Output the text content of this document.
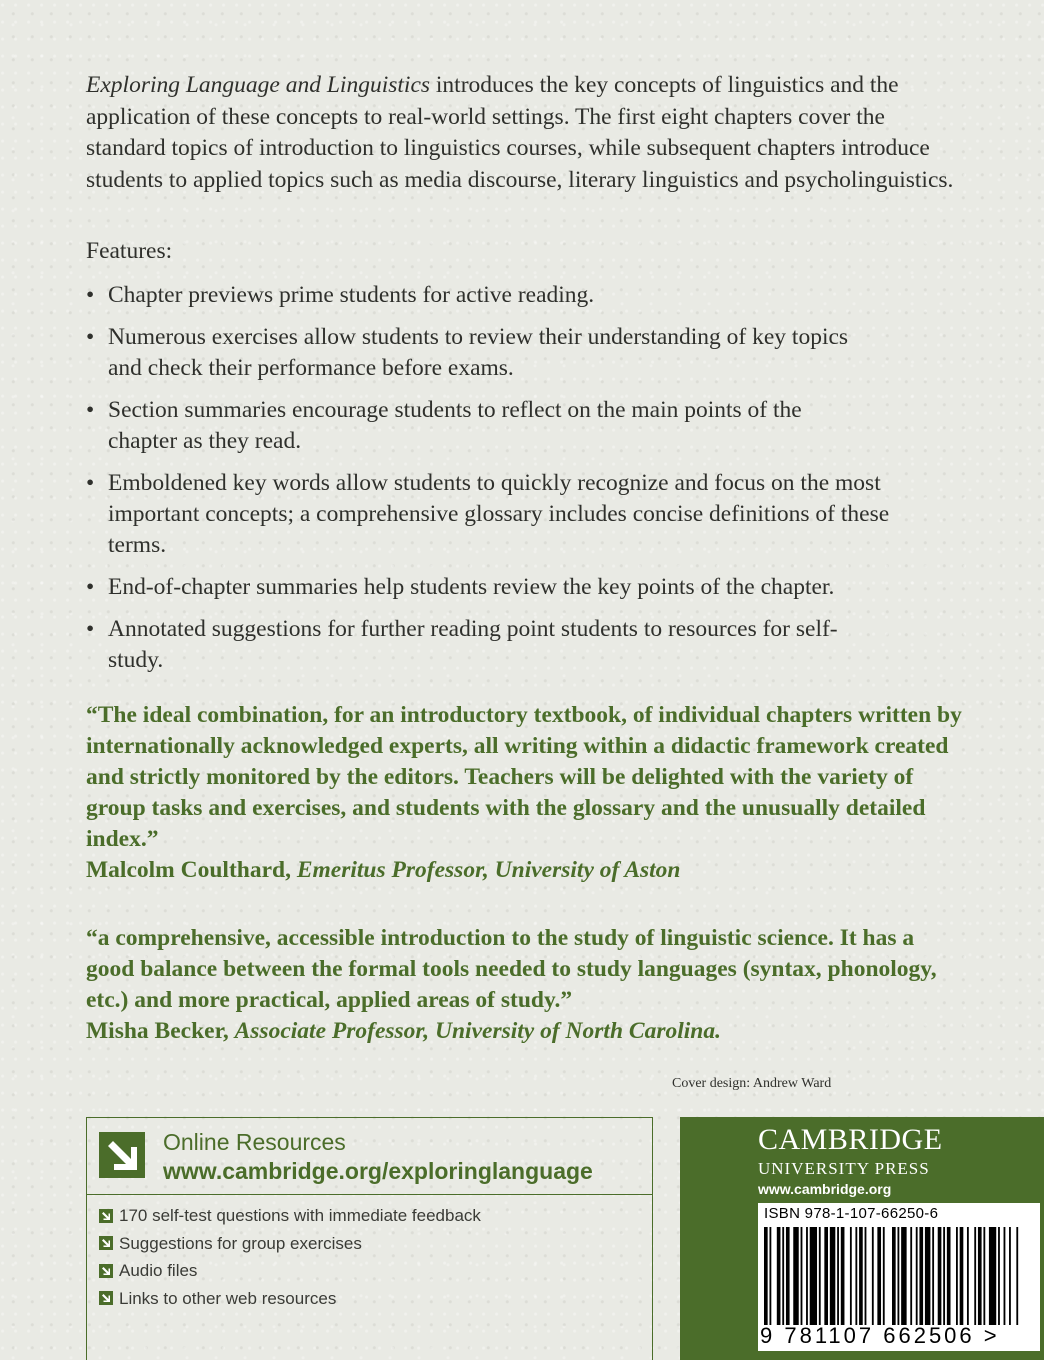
Exploring Language and Linguistics introduces the key concepts of linguistics and the application of these concepts to real-world settings. The first eight chapters cover the standard topics of introduction to linguistics courses, while subsequent chapters introduce students to applied topics such as media discourse, literary linguistics and psycholinguistics.

Features:

• Chapter previews prime students for active reading.
• Numerous exercises allow students to review their understanding of key topics and check their performance before exams.
• Section summaries encourage students to reflect on the main points of the chapter as they read.
• Emboldened key words allow students to quickly recognize and focus on the most important concepts; a comprehensive glossary includes concise definitions of these terms.
• End-of-chapter summaries help students review the key points of the chapter.
• Annotated suggestions for further reading point students to resources for self-study.

“The ideal combination, for an introductory textbook, of individual chapters written by internationally acknowledged experts, all writing within a didactic framework created and strictly monitored by the editors. Teachers will be delighted with the variety of group tasks and exercises, and students with the glossary and the unusually detailed index.”
Malcolm Coulthard, Emeritus Professor, University of Aston

“a comprehensive, accessible introduction to the study of linguistic science. It has a good balance between the formal tools needed to study languages (syntax, phonology, etc.) and more practical, applied areas of study.”
Misha Becker, Associate Professor, University of North Carolina.

Cover design: Andrew Ward
Online Resources
www.cambridge.org/exploringlanguage
170 self-test questions with immediate feedback
Suggestions for group exercises
Audio files
Links to other web resources
CAMBRIDGE
UNIVERSITY PRESS
www.cambridge.org
ISBN 978-1-107-66250-6
9 781107 662506 >
